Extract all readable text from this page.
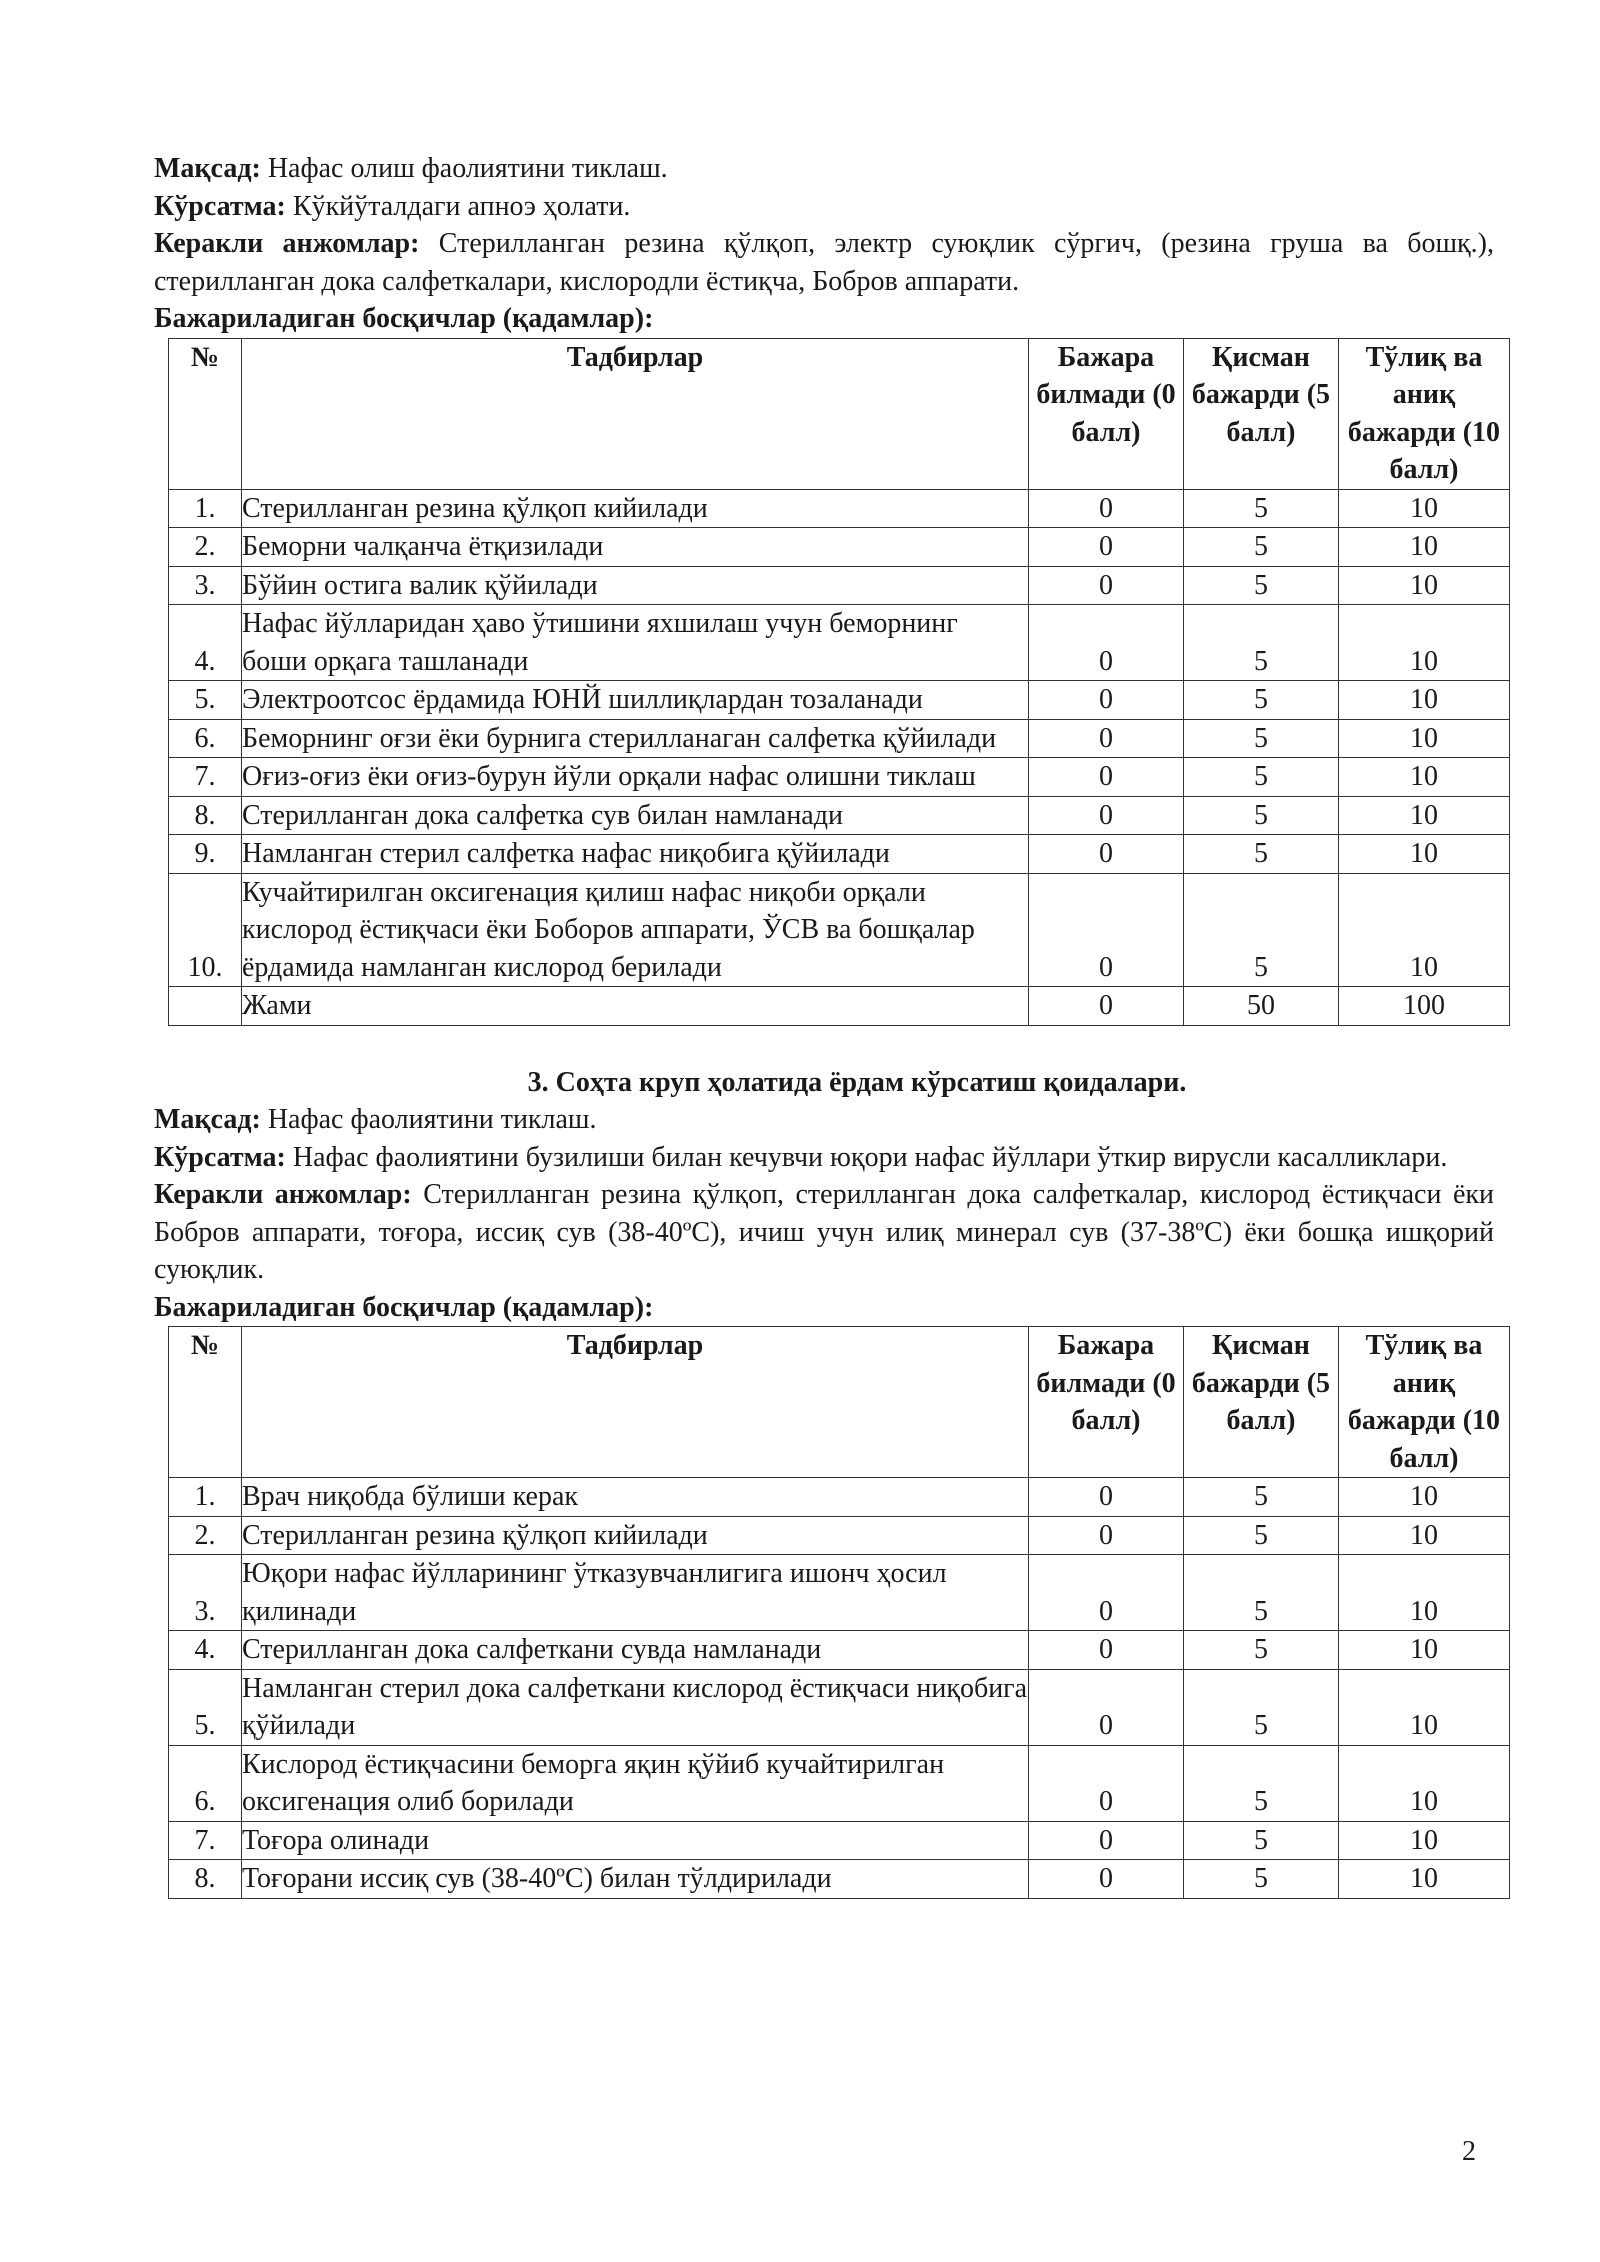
Мақсад: Нафас олиш фаолиятини тиклаш.

Кўрсатма: Кўкйўталдаги апноэ ҳолати.

Керакли анжомлар: Стерилланган резина қўлқоп, электр суюқлик сўргич, (резина груша ва бошқ.), стерилланган дока салфеткалари, кислородли ёстиқча, Бобров аппарати.

Бажариладиган босқичлар (қадамлар):

№	Тадбирлар	Бажара билмади (0 балл)	Қисман бажарди (5 балл)	Тўлиқ ва аниқ бажарди (10 балл)
1.	Стерилланган резина қўлқоп кийилади	0	5	10
2.	Беморни чалқанча ётқизилади	0	5	10
3.	Бўйин остига валик қўйилади	0	5	10
4.	Нафас йўлларидан ҳаво ўтишини яхшилаш учун беморнинг боши орқага ташланади	0	5	10
5.	Электроотсос ёрдамида ЮНЙ шиллиқлардан тозаланади	0	5	10
6.	Беморнинг оғзи ёки бурнига стерилланаган салфетка қўйилади	0	5	10
7.	Оғиз-оғиз ёки оғиз-бурун йўли орқали нафас олишни тиклаш	0	5	10
8.	Стерилланган дока салфетка сув билан намланади	0	5	10
9.	Намланган стерил салфетка нафас ниқобига қўйилади	0	5	10
10.	Кучайтирилган оксигенация қилиш нафас ниқоби орқали кислород ёстиқчаси ёки Боборов аппарати, ЎСВ ва бошқалар ёрдамида намланган кислород берилади	0	5	10
	Жами	0	50	100

3. Соҳта круп ҳолатида ёрдам кўрсатиш қоидалари.

Мақсад: Нафас фаолиятини тиклаш.

Кўрсатма: Нафас фаолиятини бузилиши билан кечувчи юқори нафас йўллари ўткир вирусли касалликлари.

Керакли анжомлар: Стерилланган резина қўлқоп, стерилланган дока салфеткалар, кислород ёстиқчаси ёки Бобров аппарати, тоғора, иссиқ сув (38-40ºС), ичиш учун илиқ минерал сув (37-38ºС) ёки бошқа ишқорий суюқлик.

Бажариладиган босқичлар (қадамлар):

№	Тадбирлар	Бажара билмади (0 балл)	Қисман бажарди (5 балл)	Тўлиқ ва аниқ бажарди (10 балл)
1.	Врач ниқобда бўлиши керак	0	5	10
2.	Стерилланган резина қўлқоп кийилади	0	5	10
3.	Юқори нафас йўлларининг ўтказувчанлигига ишонч ҳосил қилинади	0	5	10
4.	Стерилланган дока салфеткани сувда намланади	0	5	10
5.	Намланган стерил дока салфеткани кислород ёстиқчаси ниқобига қўйилади	0	5	10
6.	Кислород ёстиқчасини беморга яқин қўйиб кучайтирилган оксигенация олиб борилади	0	5	10
7.	Тоғора олинади	0	5	10
8.	Тоғорани иссиқ сув (38-40ºС) билан тўлдирилади	0	5	10
2
